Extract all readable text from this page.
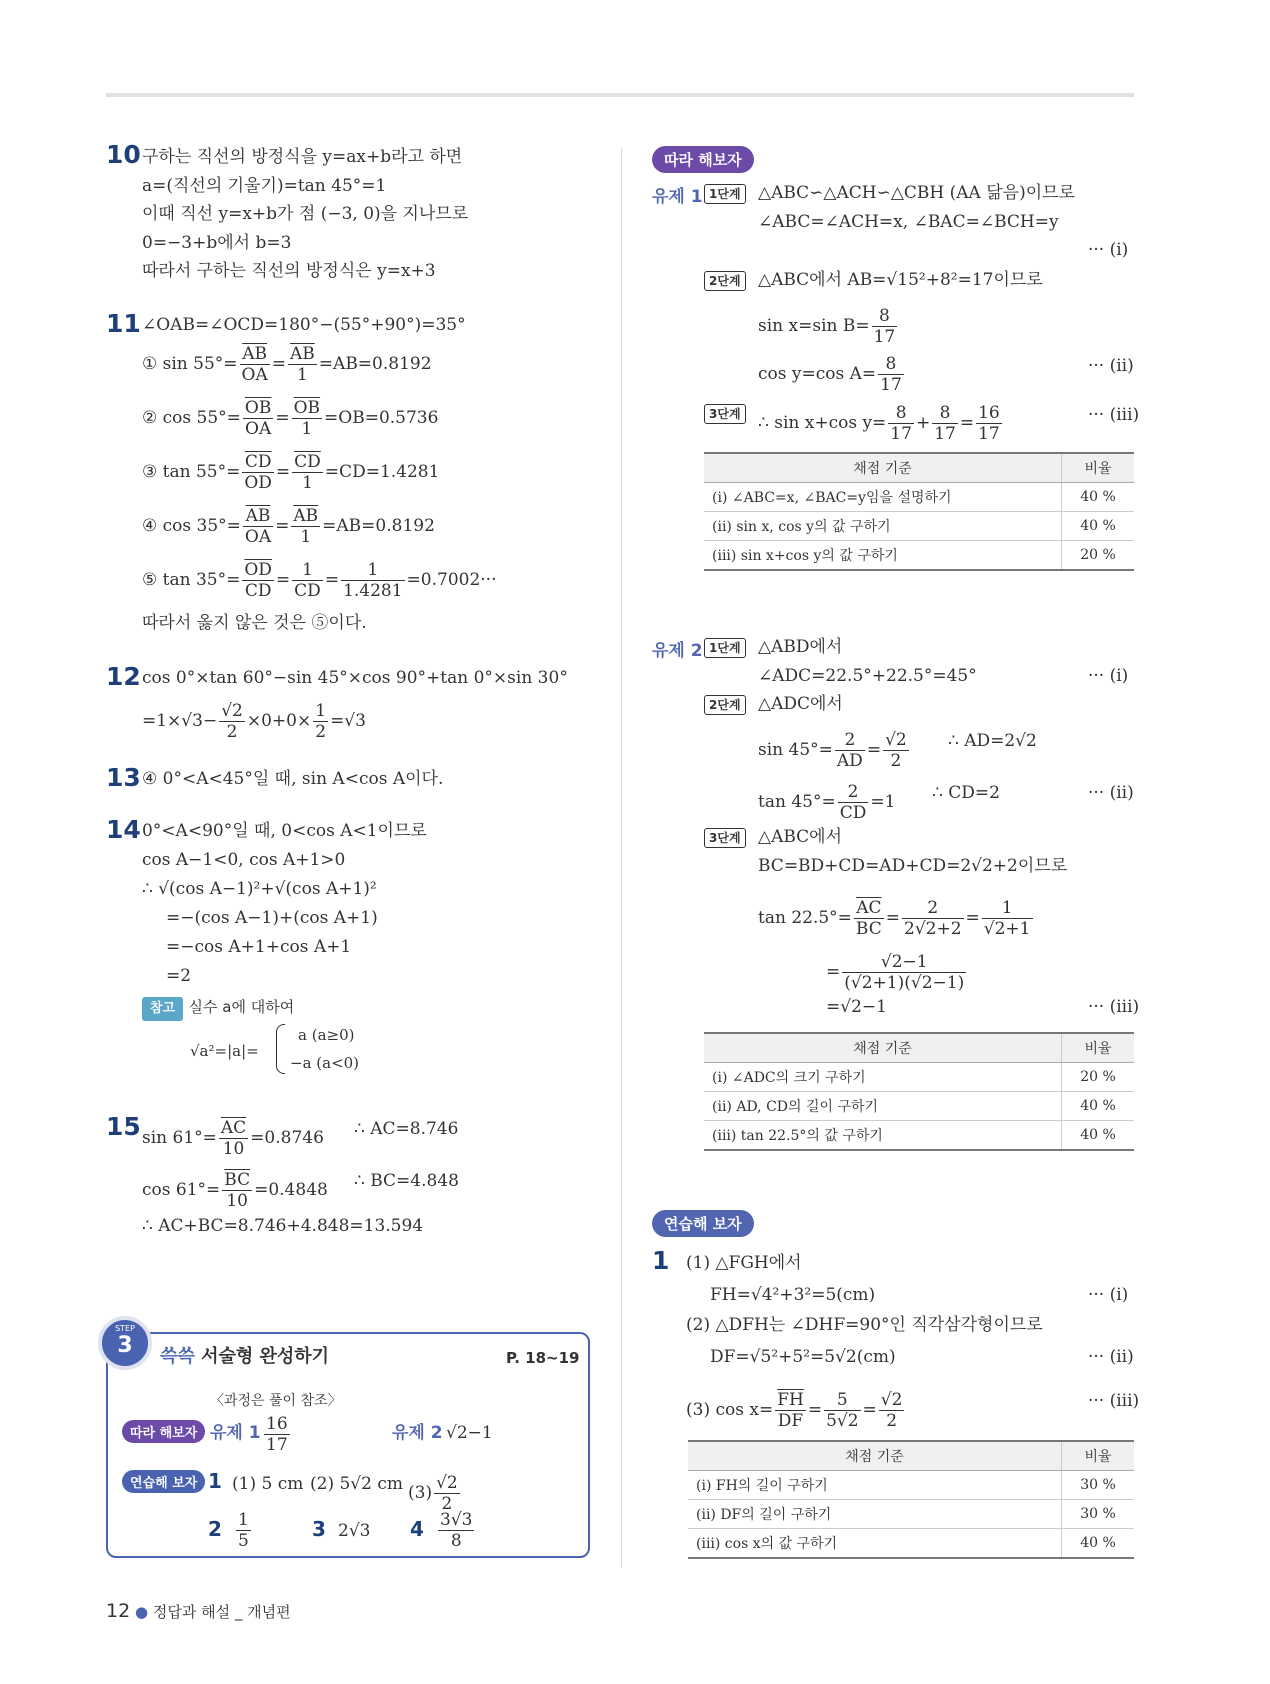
10 구하는 직선의 방정식을 y=ax+b라고 하면
a=(직선의 기울기)=tan 45°=1
이때 직선 y=x+b가 점 (−3, 0)을 지나므로
0=−3+b에서 b=3
따라서 구하는 직선의 방정식은 y=x+3
11 ∠OAB=∠OCD=180°−(55°+90°)=35°
① $\sin 55^\circ= \frac{\overline{AB}}{OA} = \frac{\overline{AB}}{1} =AB=0.8192$
② $\cos 55^\circ= \frac{\overline{OB}}{OA} = \frac{\overline{OB}}{1} =OB=0.5736$
③ $\tan 55^\circ= \frac{\overline{CD}}{OD} = \frac{\overline{CD}}{1} =CD=1.4281$
④ $\cos 35^\circ= \frac{\overline{AB}}{OA} = \frac{\overline{AB}}{1} =AB=0.8192$
⑤ $\tan 35^\circ= \frac{\overline{OD}}{CD} = \frac{1}{CD} = \frac{1}{1.4281} =0.7002\cdot\cdot\cdot$
따라서 옳지 않은 것은 ⑤이다.
12 cos 0°×tan 60°−sin 45°×cos 90°+tan 0°×sin 30°
$=1\times√3- \frac{√2}{2} \times 0+0\times \frac{1}{2} =√3$
13 ④ 0°<A<45°일 때, sin A<cos A이다.
14 0°<A<90°일 때, 0<cos A<1이므로
cos A−1<0, cos A+1>0
∴ √(cos A−1)²+√(cos A+1)²
=−(cos A−1)+(cos A+1)
=−cos A+1+cos A+1
=2
참고 실수 a에 대하여
√a²=|a|=
a (a≥0)
−a (a<0)
15 $\sin 61^\circ= \frac{\overline{AC}}{10} =0.8746$ ∴ AC=8.746
$\cos 61^\circ= \frac{\overline{BC}}{10} =0.4848$ ∴ BC=4.848
∴ AC+BC=8.746+4.848=13.594
STEP
3	쓱쓱 서술형 완성하기	P. 18~19
〈과정은 풀이 참조〉
따라 해보자 유제 $1 \frac{16}{17}$	유제 2 √2−1
연습해 보자 1 (1) 5 cm (2) 5√2 cm $(3) \frac{√2}{2}$
$2 \frac{1}{5}$	3 2√3 $4 \frac{3√3}{8}$
따라 해보자
유제 1 1단계 △ABC∽△ACH∽△CBH (AA 닮음)이므로
∠ABC=∠ACH=x, ∠BAC=∠BCH=y
··· (i)
2단계 △ABC에서 AB=√15²+8²=17이므로
sin x=sin $B= \frac{8}{17}$
cos y=cos $A= \frac{8}{17}$	··· (ii)
3단계 ∴ sin x+cos $y= \frac{8}{17} + \frac{8}{17} = \frac{16}{17}$	··· (iii)
채점 기준	비율
(i) ∠ABC=x, ∠BAC=y임을 설명하기	40 %
(ii) sin x, cos y의 값 구하기	40 %
(iii) sin x+cos y의 값 구하기	20 %
유제 2 1단계 △ABD에서
∠ADC=22.5°+22.5°=45°	··· (i)
2단계 △ADC에서
$\sin 45^\circ= \frac{2}{AD} = \frac{√2}{2}$ ∴ AD=2√2
$\tan 45^\circ= \frac{2}{CD} =1$ ∴ CD=2	··· (ii)
3단계 △ABC에서
BC=BD+CD=AD+CD=2√2+2이므로
$\tan 22.5^\circ= \frac{\overline{AC}}{BC} = \frac{2}{2√2+2} = \frac{1}{√2+1}$
= $\frac{√2-1}{(√2+1)(√2-1)}$
=√2−1	··· (iii)
채점 기준	비율
(i) ∠ADC의 크기 구하기	20 %
(ii) AD, CD의 길이 구하기	40 %
(iii) tan 22.5°의 값 구하기	40 %
연습해 보자
1 (1) △FGH에서
FH=√4²+3²=5(cm)	··· (i)
(2) △DFH는 ∠DHF=90°인 직각삼각형이므로
DF=√5²+5²=5√2(cm)	··· (ii)
(3) $\cos x= \frac{\overline{FH}}{DF} = \frac{5}{5√2} = \frac{√2}{2}$	··· (iii)
채점 기준	비율
(i) FH의 길이 구하기	30 %
(ii) DF의 길이 구하기	30 %
(iii) cos x의 값 구하기	40 %
12 ● 정답과 해설 _ 개념편
